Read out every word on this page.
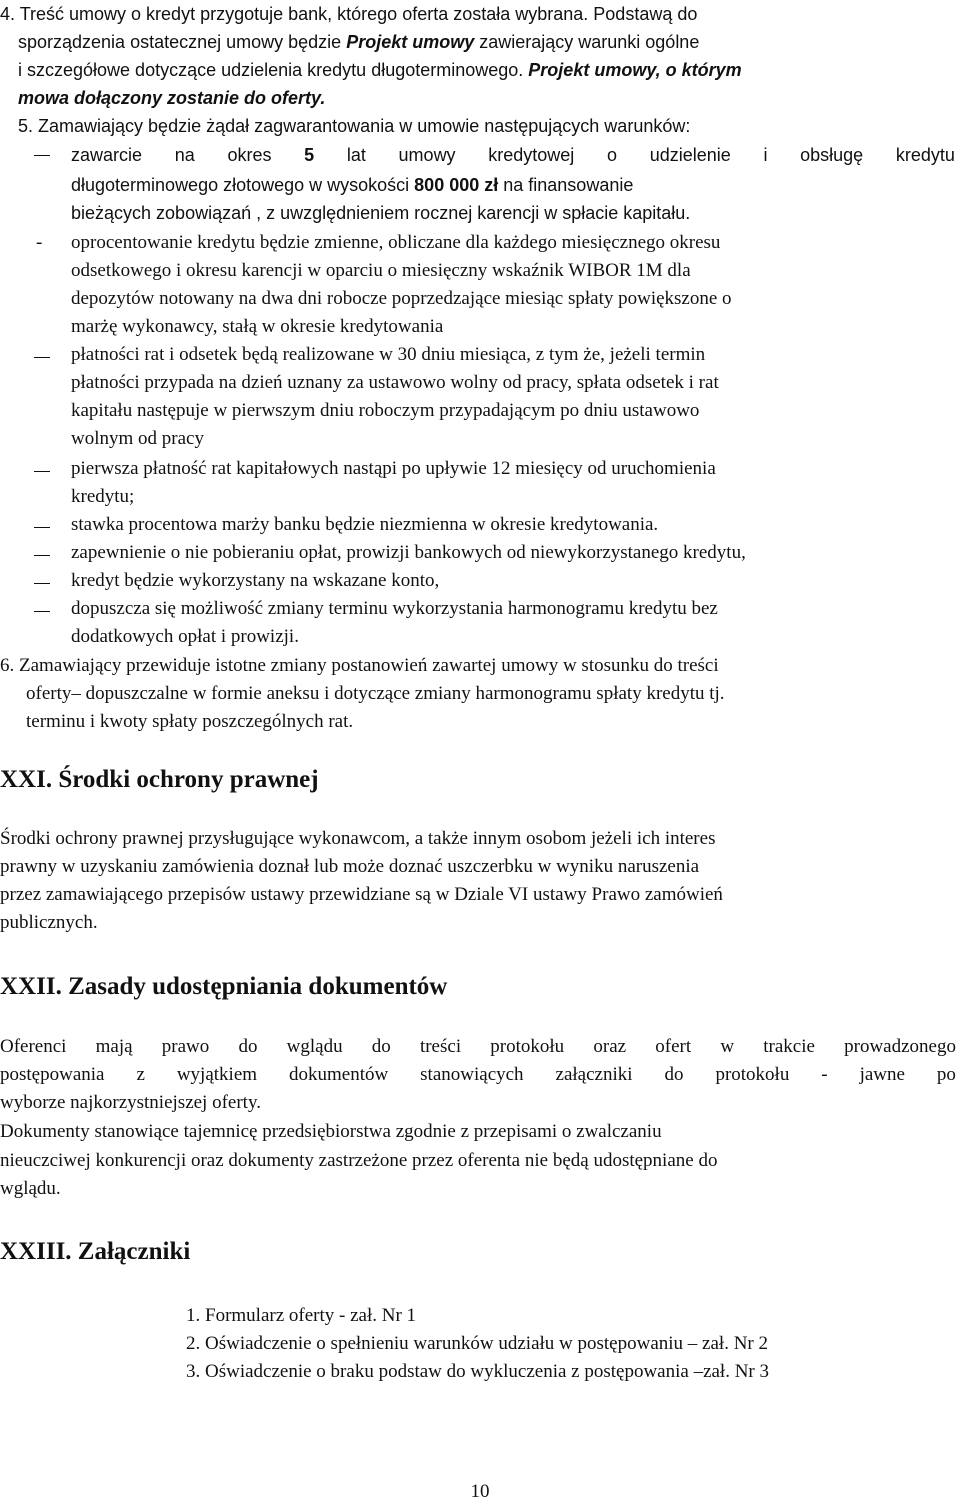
4. Treść umowy o kredyt przygotuje bank, którego oferta została wybrana. Podstawą do
sporządzenia ostatecznej umowy będzie Projekt umowy zawierający warunki ogólne
i szczegółowe dotyczące udzielenia kredytu długoterminowego. Projekt umowy, o którym
mowa dołączony zostanie do oferty.
5. Zamawiający będzie żądał zagwarantowania w umowie następujących warunków:
zawarcie na okres 5 lat umowy kredytowej o udzielenie i obsługę kredytu
długoterminowego złotowego w wysokości 800 000 zł na finansowanie
bieżących zobowiązań , z uwzględnieniem rocznej karencji w spłacie kapitału.
- oprocentowanie kredytu będzie zmienne, obliczane dla każdego miesięcznego okresu
odsetkowego i okresu karencji w oparciu o miesięczny wskaźnik WIBOR 1M dla
depozytów notowany na dwa dni robocze poprzedzające miesiąc spłaty powiększone o
marżę wykonawcy, stałą w okresie kredytowania
płatności rat i odsetek będą realizowane w 30 dniu miesiąca, z tym że, jeżeli termin
płatności przypada na dzień uznany za ustawowo wolny od pracy, spłata odsetek i rat
kapitału następuje w pierwszym dniu roboczym przypadającym po dniu ustawowo
wolnym od pracy
pierwsza płatność rat kapitałowych nastąpi po upływie 12 miesięcy od uruchomienia
kredytu;
stawka procentowa marży banku będzie niezmienna w okresie kredytowania.
zapewnienie o nie pobieraniu opłat, prowizji bankowych od niewykorzystanego kredytu,
kredyt będzie wykorzystany na wskazane konto,
dopuszcza się możliwość zmiany terminu wykorzystania harmonogramu kredytu bez
dodatkowych opłat i prowizji.
6. Zamawiający przewiduje istotne zmiany postanowień zawartej umowy w stosunku do treści
oferty– dopuszczalne w formie aneksu i dotyczące zmiany harmonogramu spłaty kredytu tj.
terminu i kwoty spłaty poszczególnych rat.
XXI. Środki ochrony prawnej
Środki ochrony prawnej przysługujące wykonawcom, a także innym osobom jeżeli ich interes
prawny w uzyskaniu zamówienia doznał lub może doznać uszczerbku w wyniku naruszenia
przez zamawiającego przepisów ustawy przewidziane są w Dziale VI ustawy Prawo zamówień
publicznych.
XXII. Zasady udostępniania dokumentów
Oferenci mają prawo do wglądu do treści protokołu oraz ofert w trakcie prowadzonego
postępowania z wyjątkiem dokumentów stanowiących załączniki do protokołu - jawne po
wyborze najkorzystniejszej oferty.
Dokumenty stanowiące tajemnicę przedsiębiorstwa zgodnie z przepisami o zwalczaniu
nieuczciwej konkurencji oraz dokumenty zastrzeżone przez oferenta nie będą udostępniane do
wglądu.
XXIII. Załączniki
1. Formularz oferty - zał. Nr 1
2. Oświadczenie o spełnieniu warunków udziału w postępowaniu – zał. Nr 2
3. Oświadczenie o braku podstaw do wykluczenia z postępowania –zał. Nr 3
10
